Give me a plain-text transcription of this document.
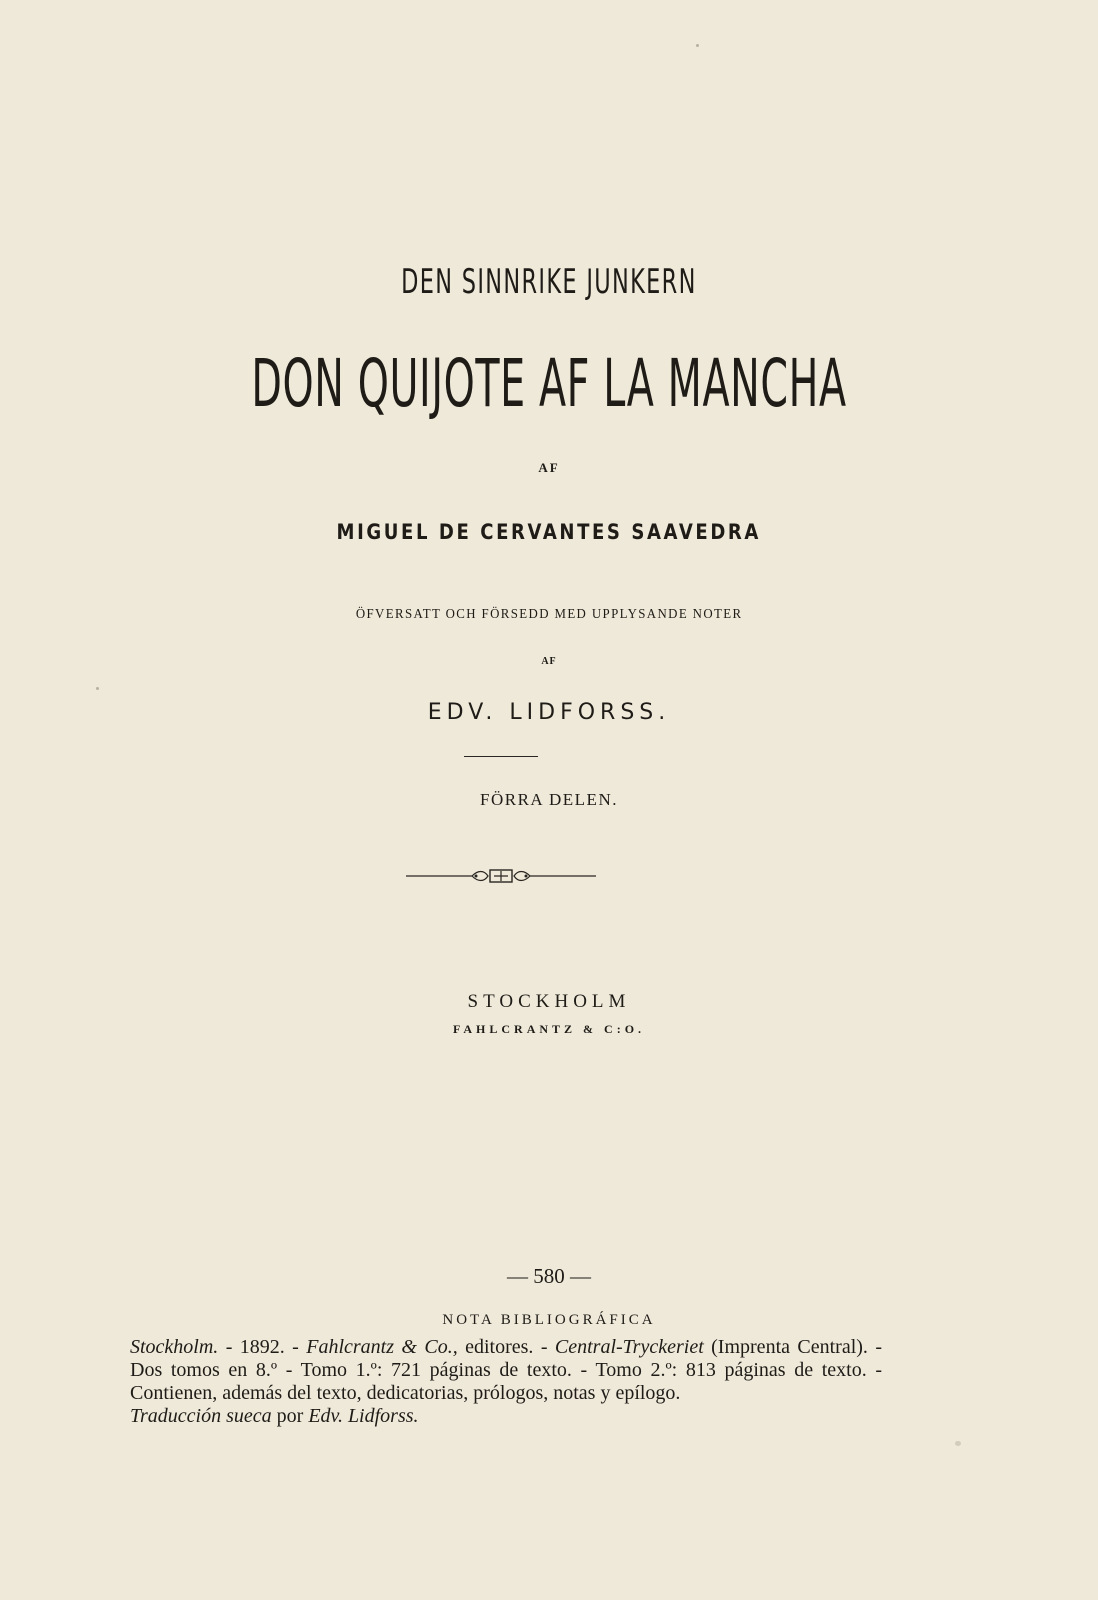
DEN SINNRIKE JUNKERN
DON QUIJOTE AF LA MANCHA
AF
MIGUEL DE CERVANTES SAAVEDRA
ÖFVERSATT OCH FÖRSEDD MED UPPLYSANDE NOTER
AF
EDV. LIDFORSS.
FÖRRA DELEN.
STOCKHOLM
FAHLCRANTZ & C:O.
— 580 —
NOTA BIBLIOGRÁFICA

Stockholm. - 1892. - Fahlcrantz & Co., editores. - Central-Tryckeriet (Imprenta Central). - Dos tomos en 8.º - Tomo 1.º: 721 páginas de texto. - Tomo 2.º: 813 páginas de texto. - Contienen, además del texto, dedicatorias, prólogos, notas y epílogo.

Traducción sueca por Edv. Lidforss.
